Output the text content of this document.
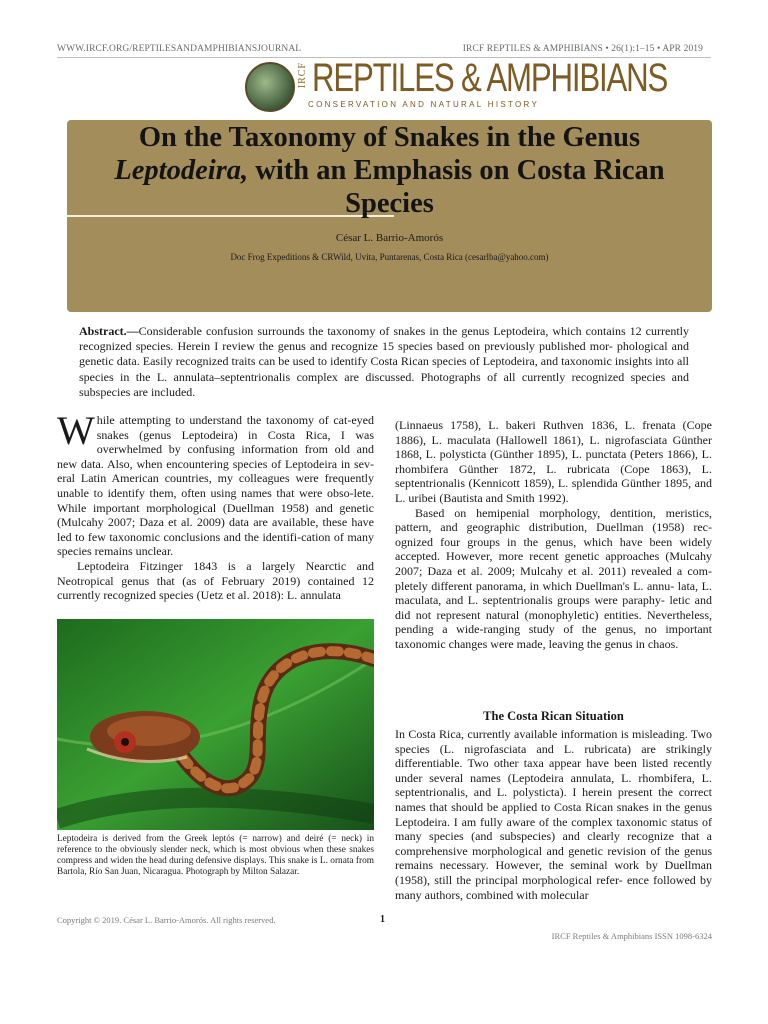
WWW.IRCF.ORG/REPTILESANDAMPHIBIANSJOURNAL	IRCF REPTILES & AMPHIBIANS • 26(1):1–15 • APR 2019
IRCF REPTILES & AMPHIBIANS
CONSERVATION AND NATURAL HISTORY
On the Taxonomy of Snakes in the Genus
Leptodeira, with an Emphasis on Costa Rican
Species
César L. Barrio-Amorós
Doc Frog Expeditions & CRWild, Uvita, Puntarenas, Costa Rica (cesarlba@yahoo.com)
Abstract.—Considerable confusion surrounds the taxonomy of snakes in the genus Leptodeira, which contains 12 currently recognized species. Herein I review the genus and recognize 15 species based on previously published mor- phological and genetic data. Easily recognized traits can be used to identify Costa Rican species of Leptodeira, and taxonomic insights into all species in the L. annulata–septentrionalis complex are discussed. Photographs of all currently recognized species and subspecies are included.

While attempting to understand the taxonomy of cat-eyed snakes (genus Leptodeira) in Costa Rica, I was overwhelmed by confusing information from old and new data. Also, when encountering species of Leptodeira in sev-eral Latin American countries, my colleagues were frequently unable to identify them, often using names that were obso-lete. While important morphological (Duellman 1958) and genetic (Mulcahy 2007; Daza et al. 2009) data are available, these have led to few taxonomic conclusions and the identifi-cation of many species remains unclear.

Leptodeira Fitzinger 1843 is a largely Nearctic and Neotropical genus that (as of February 2019) contained 12 currently recognized species (Uetz et al. 2018): L. annulata

Leptodeira is derived from the Greek leptós (= narrow) and deiré (= neck) in reference to the obviously slender neck, which is most obvious when these snakes compress and widen the head during defensive displays. This snake is L. ornata from Bartola, Río San Juan, Nicaragua. Photograph by Milton Salazar.

(Linnaeus 1758), L. bakeri Ruthven 1836, L. frenata (Cope 1886), L. maculata (Hallowell 1861), L. nigrofasciata Günther 1868, L. polysticta (Günther 1895), L. punctata (Peters 1866), L. rhombifera Günther 1872, L. rubricata (Cope 1863), L. septentrionalis (Kennicott 1859), L. splendida Günther 1895, and L. uribei (Bautista and Smith 1992).

Based on hemipenial morphology, dentition, meristics, pattern, and geographic distribution, Duellman (1958) rec- ognized four groups in the genus, which have been widely accepted. However, more recent genetic approaches (Mulcahy 2007; Daza et al. 2009; Mulcahy et al. 2011) revealed a com- pletely different panorama, in which Duellman's L. annu- lata, L. maculata, and L. septentrionalis groups were paraphy- letic and did not represent natural (monophyletic) entities. Nevertheless, pending a wide-ranging study of the genus, no important taxonomic changes were made, leaving the genus in chaos.

The Costa Rican Situation

In Costa Rica, currently available information is misleading. Two species (L. nigrofasciata and L. rubricata) are strikingly differentiable. Two other taxa appear have been listed recently under several names (Leptodeira annulata, L. rhombifera, L. septentrionalis, and L. polysticta). I herein present the correct names that should be applied to Costa Rican snakes in the genus Leptodeira. I am fully aware of the complex taxonomic status of many species (and subspecies) and clearly recognize that a comprehensive morphological and genetic revision of the genus remains necessary. However, the seminal work by Duellman (1958), still the principal morphological refer- ence followed by many authors, combined with molecular

Copyright © 2019. César L. Barrio-Amorós. All rights reserved.	1
IRCF Reptiles & Amphibians ISSN 1098-6324
